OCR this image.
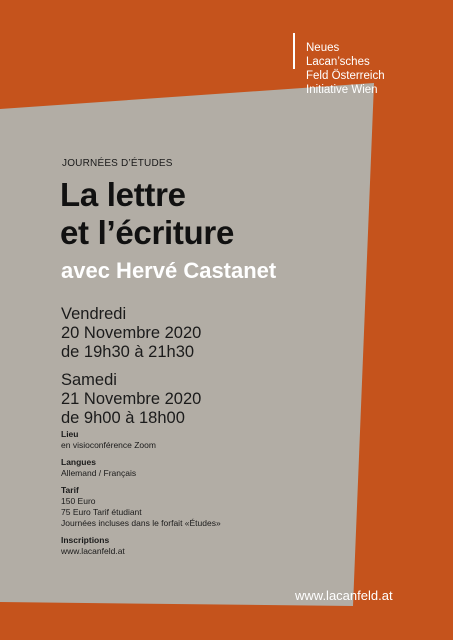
Neues
Lacan’sches
Feld Österreich
Initiative Wien
JOURNÉES D’ÉTUDES
La lettre
et l’écriture
avec Hervé Castanet
Vendredi
20 Novembre 2020
de 19h30 à 21h30
Samedi
21 Novembre 2020
de 9h00 à 18h00
Lieu
en visioconférence Zoom
Langues
Allemand / Français
Tarif
150 Euro
75 Euro Tarif étudiant
Journées incluses dans le forfait «Études»
Inscriptions
www.lacanfeld.at
www.lacanfeld.at
